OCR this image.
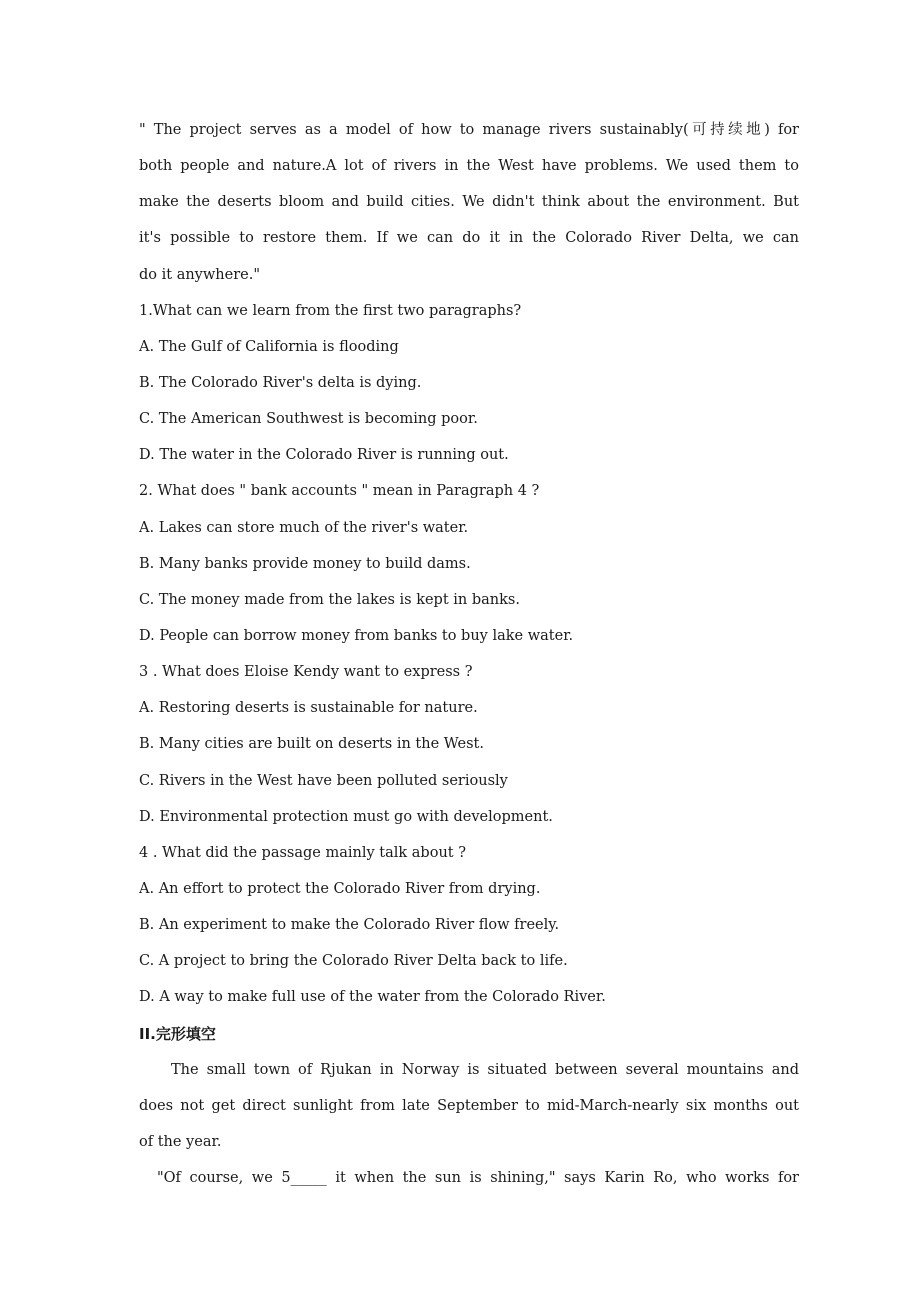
" The project serves as a model of how to manage rivers sustainably(可持续地) for
both people and nature.A lot of rivers in the West have problems. We used them to
make the deserts bloom and build cities. We didn't think about the environment. But
it's possible to restore them. If we can do it in the Colorado River Delta, we can
do it anywhere."
1.What can we learn from the first two paragraphs?
A. The Gulf of California is flooding
B. The Colorado River's delta is dying.
C. The American Southwest is becoming poor.
D. The water in the Colorado River is running out.
2. What does " bank accounts " mean in Paragraph 4 ?
A. Lakes can store much of the river's water.
B. Many banks provide money to build dams.
C. The money made from the lakes is kept in banks.
D. People can borrow money from banks to buy lake water.
3 . What does Eloise Kendy want to express ?
A. Restoring deserts is sustainable for nature.
B. Many cities are built on deserts in the West.
C. Rivers in the West have been polluted seriously
D. Environmental protection must go with development.
4 . What did the passage mainly talk about ?
A. An effort to protect the Colorado River from drying.
B. An experiment to make the Colorado River flow freely.
C. A project to bring the Colorado River Delta back to life.
D. A way to make full use of the water from the Colorado River.
II.完形填空
The small town of Rjukan in Norway is situated between several mountains and
does not get direct sunlight from late September to mid-March-nearly six months out
of the year.
"Of course, we 5_____ it when the sun is shining," says Karin Ro, who works for
